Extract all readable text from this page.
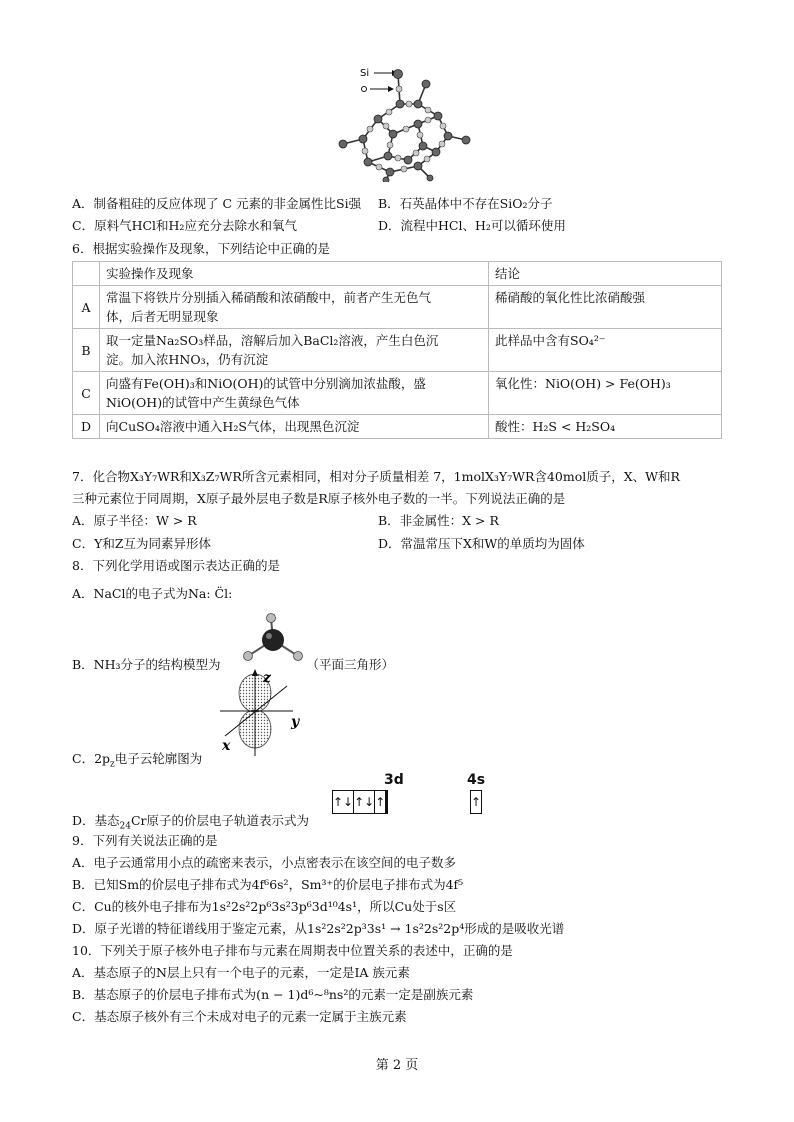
Si
A．制备粗硅的反应体现了 C 元素的非金属性比Si强 B．石英晶体中不存在SiO₂分子
C．原料气HCl和H₂应充分去除水和氧气	D．流程中HCl、H₂可以循环使用
6．根据实验操作及现象，下列结论中正确的是
	实验操作及现象	结论
A	常温下将铁片分别插入稀硝酸和浓硝酸中，前者产生无色气
体，后者无明显现象	稀硝酸的氧化性比浓硝酸强
B	取一定量Na₂SO₃样品，溶解后加入BaCl₂溶液，产生白色沉
淀。加入浓HNO₃，仍有沉淀	此样品中含有SO₄²⁻
C	向盛有Fe(OH)₃和NiO(OH)的试管中分别滴加浓盐酸，盛
NiO(OH)的试管中产生黄绿色气体	氧化性：NiO(OH) > Fe(OH)₃
D	向CuSO₄溶液中通入H₂S气体，出现黑色沉淀	酸性：H₂S < H₂SO₄
7．化合物X₃Y₇WR和X₃Z₇WR所含元素相同，相对分子质量相差 7，1molX₃Y₇WR含40mol质子，X、W和R
三种元素位于同周期，X原子最外层电子数是R原子核外电子数的一半。下列说法正确的是
A．原子半径：W > R	B．非金属性：X > R
C．Y和Z互为同素异形体	D．常温常压下X和W的单质均为固体
8．下列化学用语或图示表达正确的是
A．NaCl的电子式为Na: C̈l:
B．NH₃分子的结构模型为	（平面三角形）
z
y
x
C．$2p_z$电子云轮廓图为
3d	4s
↑↓	↑↓	↑			↑
D．基态$_{24}$Cr原子的价层电子轨道表示式为
9．下列有关说法正确的是
A．电子云通常用小点的疏密来表示，小点密表示在该空间的电子数多
B．已知Sm的价层电子排布式为4f⁶6s²，Sm³⁺的价层电子排布式为4f⁵
C．Cu的核外电子排布为1s²2s²2p⁶3s²3p⁶3d¹⁰4s¹，所以Cu处于s区
D．原子光谱的特征谱线用于鉴定元素，从1s²2s²2p³3s¹ → 1s²2s²2p⁴形成的是吸收光谱
10．下列关于原子核外电子排布与元素在周期表中位置关系的表述中，正确的是
A．基态原子的N层上只有一个电子的元素，一定是ⅠA 族元素
B．基态原子的价层电子排布式为(n − 1)d⁶~⁸ns²的元素一定是副族元素
C．基态原子核外有三个未成对电子的元素一定属于主族元素
第 2 页
